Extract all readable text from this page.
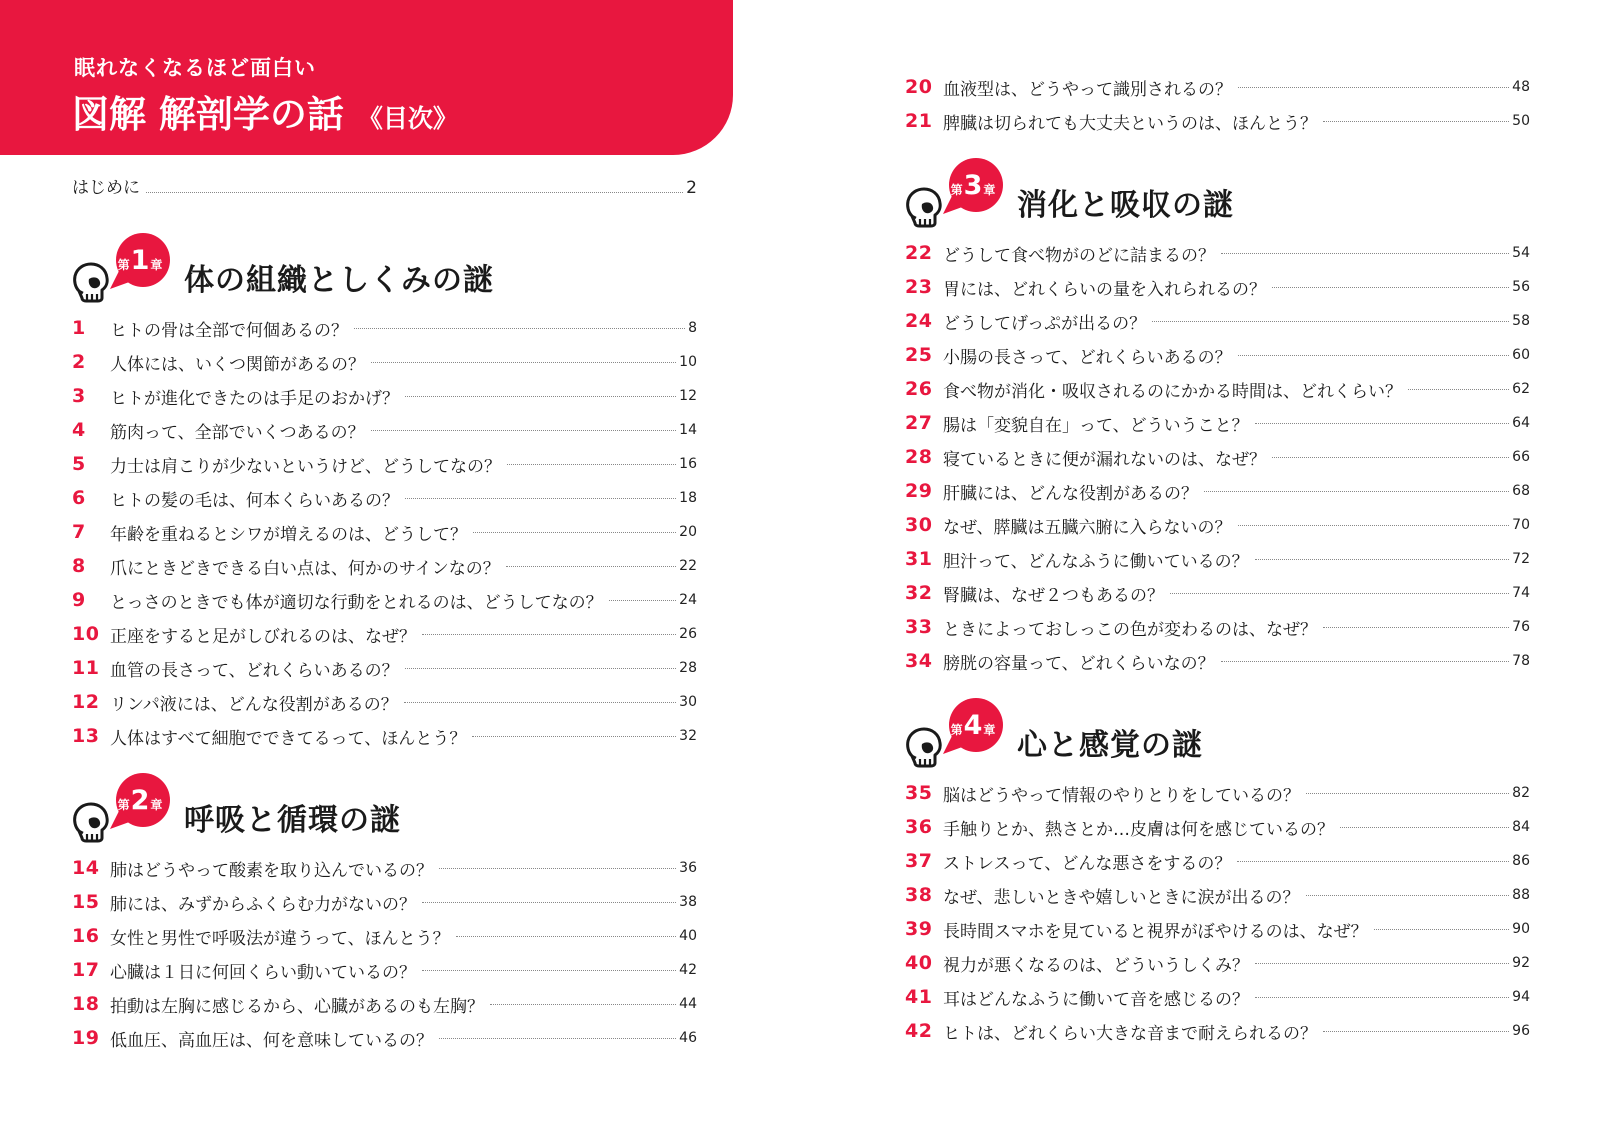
眠れなくなるほど面白い
図解 解剖学の話 《目次》
はじめに	2
第1章 体の組織としくみの謎
1	ヒトの骨は全部で何個あるの？	8
2	人体には、いくつ関節があるの？	10
3	ヒトが進化できたのは手足のおかげ？	12
4	筋肉って、全部でいくつあるの？	14
5	力士は肩こりが少ないというけど、どうしてなの？	16
6	ヒトの髪の毛は、何本くらいあるの？	18
7	年齢を重ねるとシワが増えるのは、どうして？	20
8	爪にときどきできる白い点は、何かのサインなの？	22
9	とっさのときでも体が適切な行動をとれるのは、どうしてなの？	24
10 正座をすると足がしびれるのは、なぜ？	26
11 血管の長さって、どれくらいあるの？	28
12 リンパ液には、どんな役割があるの？	30
13 人体はすべて細胞でできてるって、ほんとう？	32
第2章 呼吸と循環の謎
14 肺はどうやって酸素を取り込んでいるの？	36
15 肺には、みずからふくらむ力がないの？	38
16 女性と男性で呼吸法が違うって、ほんとう？	40
17 心臓は１日に何回くらい動いているの？	42
18 拍動は左胸に感じるから、心臓があるのも左胸？	44
19 低血圧、高血圧は、何を意味しているの？	46
20 血液型は、どうやって識別されるの？	48
21 脾臓は切られても大丈夫というのは、ほんとう？	50
第3章 消化と吸収の謎
22 どうして食べ物がのどに詰まるの？	54
23 胃には、どれくらいの量を入れられるの？	56
24 どうしてげっぷが出るの？	58
25 小腸の長さって、どれくらいあるの？	60
26 食べ物が消化・吸収されるのにかかる時間は、どれくらい？	62
27 腸は「変貌自在」って、どういうこと？	64
28 寝ているときに便が漏れないのは、なぜ？	66
29 肝臓には、どんな役割があるの？	68
30 なぜ、膵臓は五臓六腑に入らないの？	70
31 胆汁って、どんなふうに働いているの？	72
32 腎臓は、なぜ２つもあるの？	74
33 ときによっておしっこの色が変わるのは、なぜ？	76
34 膀胱の容量って、どれくらいなの？	78
第4章 心と感覚の謎
35 脳はどうやって情報のやりとりをしているの？	82
36 手触りとか、熱さとか…皮膚は何を感じているの？	84
37 ストレスって、どんな悪さをするの？	86
38 なぜ、悲しいときや嬉しいときに涙が出るの？	88
39 長時間スマホを見ていると視界がぼやけるのは、なぜ？	90
40 視力が悪くなるのは、どういうしくみ？	92
41 耳はどんなふうに働いて音を感じるの？	94
42 ヒトは、どれくらい大きな音まで耐えられるの？	96
